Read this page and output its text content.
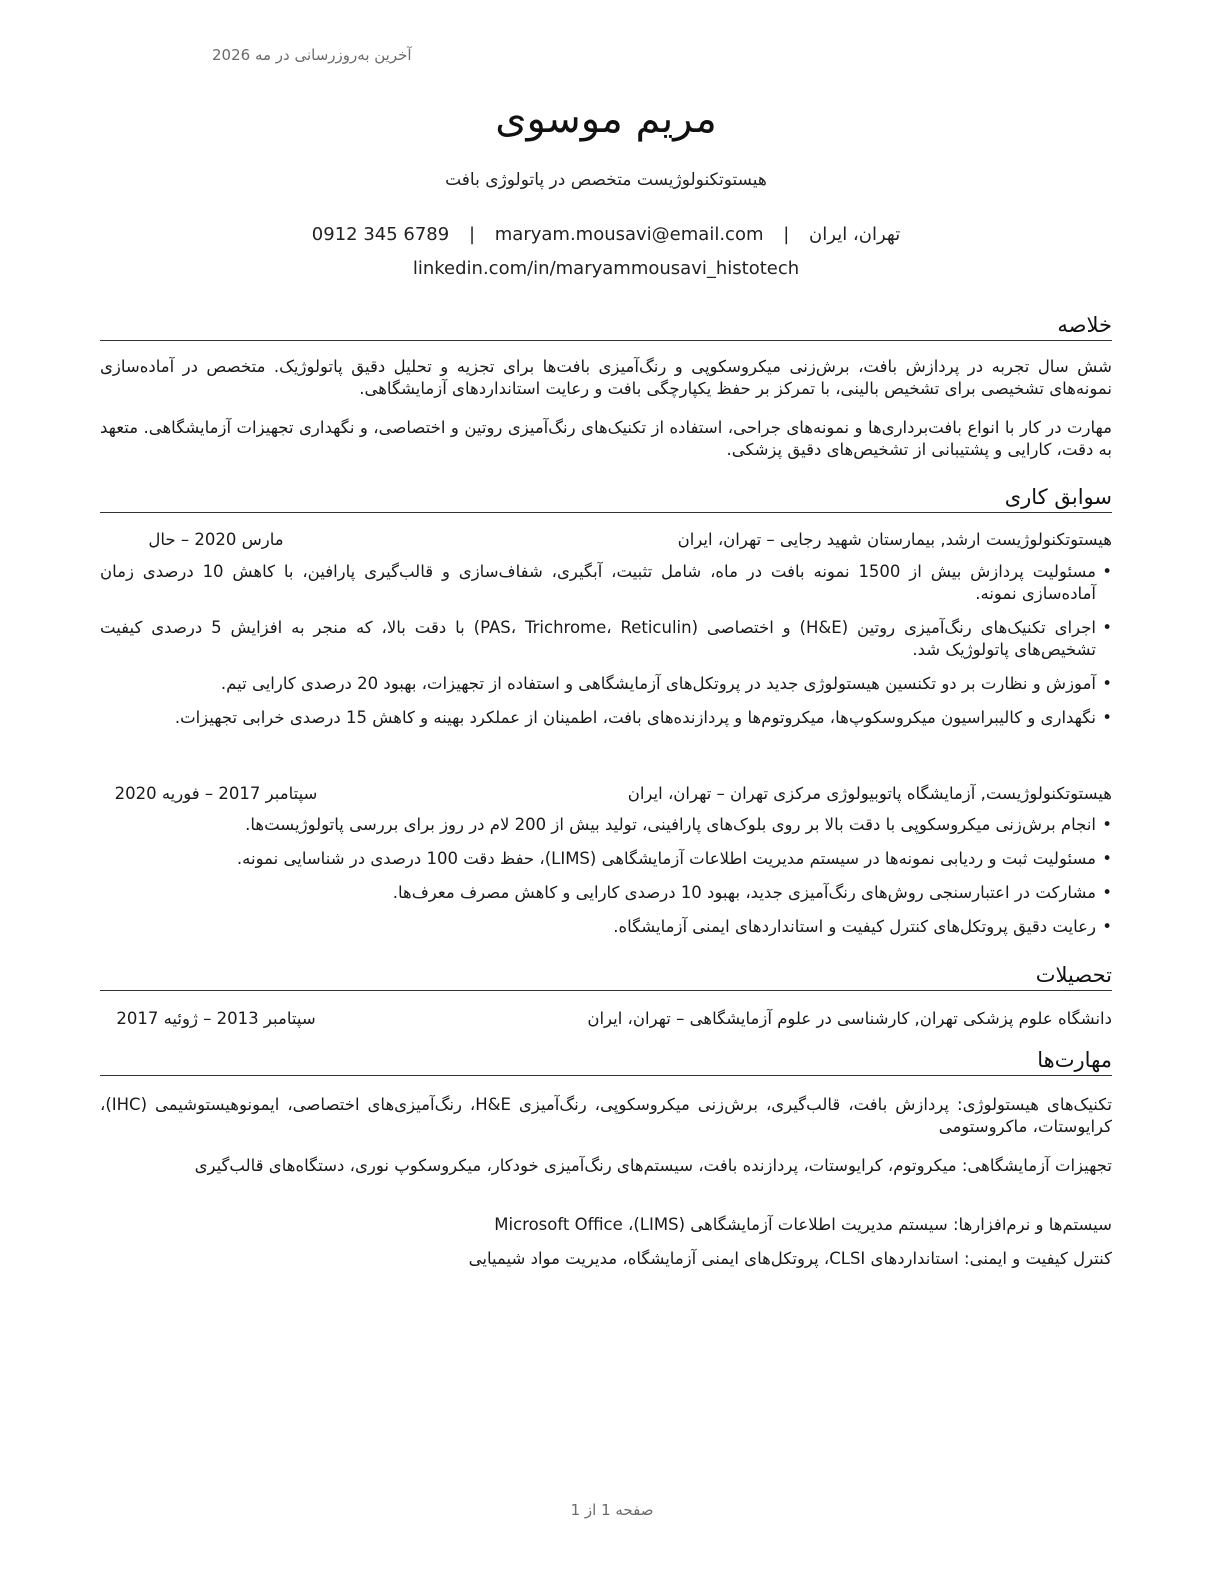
آخرین به‌روزرسانی در مه 2026
مریم موسوی
هیستوتکنولوژیست متخصص در پاتولوژی بافت
0912 345 6789 | maryam.mousavi@email.com | تهران، ایران
linkedin.com/in/maryammousavi_histotech
خلاصه
شش سال تجربه در پردازش بافت، برش‌زنی میکروسکوپی و رنگ‌آمیزی بافت‌ها برای تجزیه و تحلیل دقیق پاتولوژیک. متخصص در آماده‌سازی نمونه‌های تشخیصی برای تشخیص بالینی، با تمرکز بر حفظ یکپارچگی بافت و رعایت استانداردهای آزمایشگاهی.
مهارت در کار با انواع بافت‌برداری‌ها و نمونه‌های جراحی، استفاده از تکنیک‌های رنگ‌آمیزی روتین و اختصاصی، و نگهداری تجهیزات آزمایشگاهی. متعهد به دقت، کارایی و پشتیبانی از تشخیص‌های دقیق پزشکی.
سوابق کاری
هیستوتکنولوژیست ارشد, بیمارستان شهید رجایی – تهران، ایران
مارس 2020 – حال
• مسئولیت پردازش بیش از 1500 نمونه بافت در ماه، شامل تثبیت، آبگیری، شفاف‌سازی و قالب‌گیری پارافین، با کاهش 10 درصدی زمان آماده‌سازی نمونه.
• اجرای تکنیک‌های رنگ‌آمیزی روتین (H&E) و اختصاصی (PAS، Trichrome، Reticulin) با دقت بالا، که منجر به افزایش 5 درصدی کیفیت تشخیص‌های پاتولوژیک شد.
• آموزش و نظارت بر دو تکنسین هیستولوژی جدید در پروتکل‌های آزمایشگاهی و استفاده از تجهیزات، بهبود 20 درصدی کارایی تیم.
• نگهداری و کالیبراسیون میکروسکوپ‌ها، میکروتوم‌ها و پردازنده‌های بافت، اطمینان از عملکرد بهینه و کاهش 15 درصدی خرابی تجهیزات.
هیستوتکنولوژیست, آزمایشگاه پاتوبیولوژی مرکزی تهران – تهران، ایران
سپتامبر 2017 – فوریه 2020
• انجام برش‌زنی میکروسکوپی با دقت بالا بر روی بلوک‌های پارافینی، تولید بیش از 200 لام در روز برای بررسی پاتولوژیست‌ها.
• مسئولیت ثبت و ردیابی نمونه‌ها در سیستم مدیریت اطلاعات آزمایشگاهی (LIMS)، حفظ دقت 100 درصدی در شناسایی نمونه.
• مشارکت در اعتبارسنجی روش‌های رنگ‌آمیزی جدید، بهبود 10 درصدی کارایی و کاهش مصرف معرف‌ها.
• رعایت دقیق پروتکل‌های کنترل کیفیت و استانداردهای ایمنی آزمایشگاه.
تحصیلات
دانشگاه علوم پزشکی تهران, کارشناسی در علوم آزمایشگاهی – تهران، ایران
سپتامبر 2013 – ژوئیه 2017
مهارت‌ها
تکنیک‌های هیستولوژی: پردازش بافت، قالب‌گیری، برش‌زنی میکروسکوپی، رنگ‌آمیزی H&E، رنگ‌آمیزی‌های اختصاصی، ایمونوهیستوشیمی (IHC)، کرایوستات، ماکروستومی
تجهیزات آزمایشگاهی: میکروتوم، کرایوستات، پردازنده بافت، سیستم‌های رنگ‌آمیزی خودکار، میکروسکوپ نوری، دستگاه‌های قالب‌گیری
سیستم‌ها و نرم‌افزارها: سیستم مدیریت اطلاعات آزمایشگاهی (LIMS)، Microsoft Office
کنترل کیفیت و ایمنی: استانداردهای CLSI، پروتکل‌های ایمنی آزمایشگاه، مدیریت مواد شیمیایی
صفحه 1 از 1
